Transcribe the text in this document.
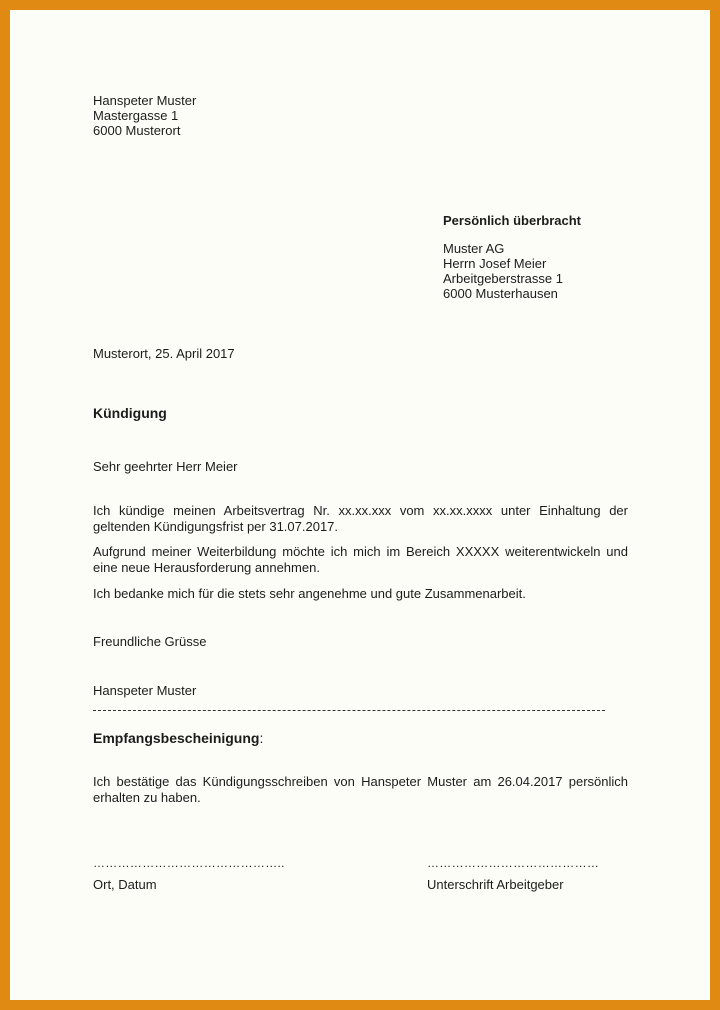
Hanspeter Muster
Mastergasse 1
6000 Musterort
Persönlich überbracht
Muster AG
Herrn Josef Meier
Arbeitgeberstrasse 1
6000 Musterhausen
Musterort, 25. April 2017
Kündigung
Sehr geehrter Herr Meier
Ich kündige meinen Arbeitsvertrag Nr. xx.xx.xxx vom xx.xx.xxxx unter Einhaltung der geltenden Kündigungsfrist per 31.07.2017.
Aufgrund meiner Weiterbildung möchte ich mich im Bereich XXXXX weiterentwickeln und eine neue Herausforderung annehmen.
Ich bedanke mich für die stets sehr angenehme und gute Zusammenarbeit.
Freundliche Grüsse
Hanspeter Muster
Empfangsbescheinigung:
Ich bestätige das Kündigungsschreiben von Hanspeter Muster am 26.04.2017 persönlich erhalten zu haben.
………………………………………..	……………………………………
Ort, Datum	Unterschrift Arbeitgeber
